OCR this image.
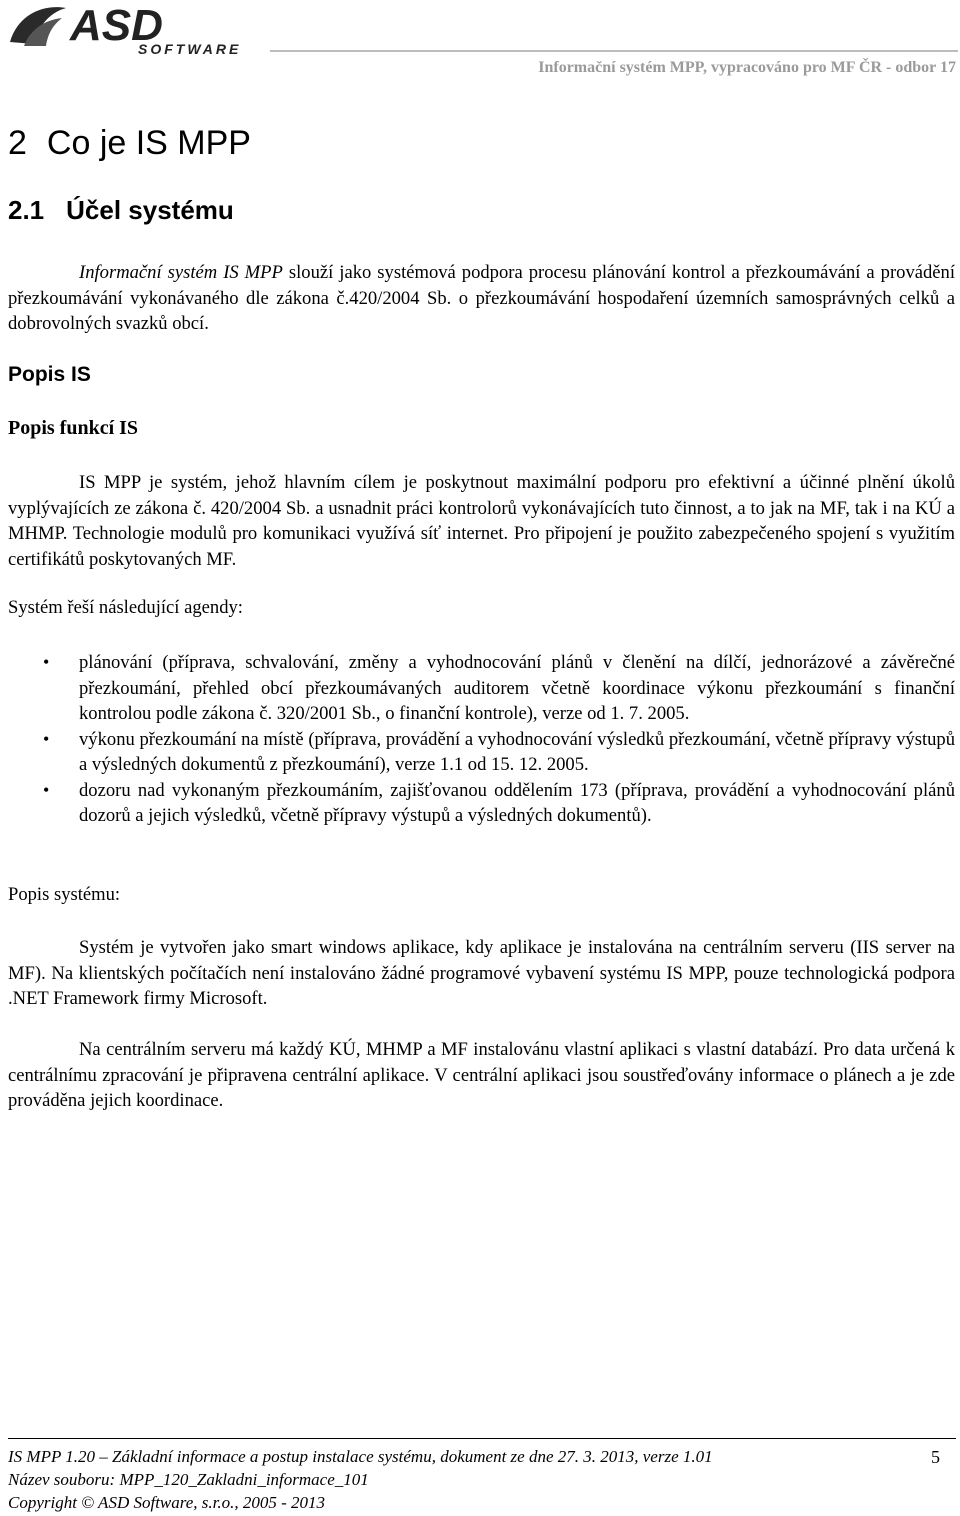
ASD
SOFTWARE
Informační systém MPP, vypracováno pro MF ČR - odbor 17
2 Co je IS MPP
2.1 Účel systému

Informační systém IS MPP slouží jako systémová podpora procesu plánování kontrol a přezkoumávání a provádění přezkoumávání vykonávaného dle zákona č.420/2004 Sb. o přezkoumávání hospodaření územních samosprávných celků a dobrovolných svazků obcí.

Popis IS
Popis funkcí IS

IS MPP je systém, jehož hlavním cílem je poskytnout maximální podporu pro efektivní a účinné plnění úkolů vyplývajících ze zákona č. 420/2004 Sb. a usnadnit práci kontrolorů vykonávajících tuto činnost, a to jak na MF, tak i na KÚ a MHMP. Technologie modulů pro komunikaci využívá síť internet. Pro připojení je použito zabezpečeného spojení s využitím certifikátů poskytovaných MF.

Systém řeší následující agendy:
• plánování (příprava, schvalování, změny a vyhodnocování plánů v členění na dílčí, jednorázové a závěrečné přezkoumání, přehled obcí přezkoumávaných auditorem včetně koordinace výkonu přezkoumání s finanční kontrolou podle zákona č. 320/2001 Sb., o finanční kontrole), verze od 1. 7. 2005.
• výkonu přezkoumání na místě (příprava, provádění a vyhodnocování výsledků přezkoumání, včetně přípravy výstupů a výsledných dokumentů z přezkoumání), verze 1.1 od 15. 12. 2005.
• dozoru nad vykonaným přezkoumáním, zajišťovanou oddělením 173 (příprava, provádění a vyhodnocování plánů dozorů a jejich výsledků, včetně přípravy výstupů a výsledných dokumentů).
Popis systému:

Systém je vytvořen jako smart windows aplikace, kdy aplikace je instalována na centrálním serveru (IIS server na MF). Na klientských počítačích není instalováno žádné programové vybavení systému IS MPP, pouze technologická podpora .NET Framework firmy Microsoft.

Na centrálním serveru má každý KÚ, MHMP a MF instalovánu vlastní aplikaci s vlastní databází. Pro data určená k centrálnímu zpracování je připravena centrální aplikace. V centrální aplikaci jsou soustřeďovány informace o plánech a je zde prováděna jejich koordinace.

IS MPP 1.20 – Základní informace a postup instalace systému, dokument ze dne 27. 3. 2013, verze 1.01
Název souboru: MPP_120_Zakladni_informace_101
Copyright © ASD Software, s.r.o., 2005 - 2013
5
